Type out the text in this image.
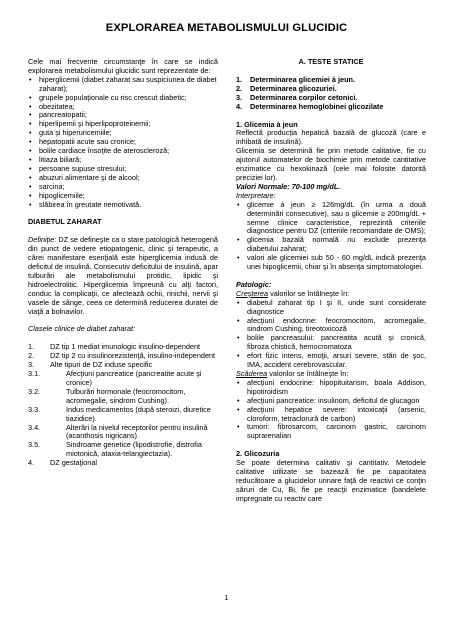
EXPLORAREA METABOLISMULUI GLUCIDIC

Cele mai frecvente circumstanţe în care se indică explorarea metabolismului glucidic sunt reprezentate de:

• hiperglicemii (diabet zaharat sau suspiciunea de diabet zaharat);
• grupele populaţionale cu risc crescut diabetic;
• obezitatea;
• pancreatopatii;
• hiperlipemii şi hiperlipoproteinemii;
• guta şi hiperuricemiile;
• hepatopatii acute sau cronice;
• bolile cardiace însoţite de ateroscleroză;
• litiaza biliară;
• persoane supuse stresului;
• abuzuri alimentare şi de alcool;
• sarcina;
• hipoglicemiile;
• slăbirea în greutate nemotivată.

DIABETUL ZAHARAT

Definiţie: DZ se defineşte ca o stare patologică heterogenă din punct de vedere etiopatogenic, clinic şi terapeutic, a cărei manifestare esenţială este hiperglicemia indusă de deficitul de insulină. Consecutiv deficitului de insulină, apar tulburări ale metabolismului protidic, lipidic şi hidroelectrolitic. Hiperglicemia împreună cu alţi factori, conduc la complicaţii, ce afectează ochii, rinichii, nervii şi vasele de sânge, ceea ce determină reducerea duratei de viaţă a bolnavilor.

Clasele clinice de diabet zaharat:

1. DZ tip 1 mediat imunologic insulino-dependent
2. DZ tip 2 cu insulinorezistenţă, insulino-independent
3. Alte tipuri de DZ induse specific
3.1.	Afecţiuni pancreatice (pancreatite acute şi cronice)
3.2.	Tulburări hormonale (feocromocitom, acromegalie, sindrom Cushing).
3.3.	Indus medicamentos (după steroizi, diuretice tiazidice).
3.4.	Alterări la nivelul receptorilor pentru insulină (acanthosis nigricans).
3.5.	Sindroame genetice (lipodistrofie, distrofia miotonică, ataxia-telangiectazia).
4. DZ gestaţional

A. TESTE STATICE

1. Determinarea glicemiei à jeun.
2. Determinarea glicozuriei.
3. Determinarea corpilor cetonici.
4. Determinarea hemoglobinei glicozilate

1. Glicemia à jeun

Reflectă producţia hepatică bazală de glucoză (care e inhibată de insulină).

Glicemia se determină fie prin metode calitative, fie cu ajutorul automatelor de biochimie prin metode cantitative enzimatice cu hexokinază (cele mai folosite datorită preciziei lor).

Valori Normale: 70-100 mg/dL.

Interpretare:

• glicemie à jeun ≥ 126mg/dL (în urma a două determinări consecutive), sau o glicemie ≥ 200mg/dL + semne clinice caracteristice, reprezintă criteriile diagnostice pentru DZ (criteriile recomandate de OMS);
• glicemia bazală normală nu exclude prezenţa diabetului zaharat;
• valori ale glicemiei sub 50 - 60 mg/dL indică prezenţa unei hipoglicemii, chiar şi în absenţa simptomatologiei.

Patologic:

Creşterea valorilor se întâlneşte în:

• diabetul zaharat tip I şi II, unde sunt considerate diagnostice
• afecţiuni endocrine: feocromocitom, acromegalie, sindrom Cushing, tireotoxicoză
• bolile pancreasului: pancreatita acută şi cronică, fibroza chistică, hemocromatoza
• efort fizic intens, emoţii, arsuri severe, stări de şoc, IMA, accident cerebrovascular.

Scăderea valorilor se întâlneşte în:

• afecţiuni endocrine: hipopituitarism, boala Addison, hipotiroidism
• afecţiuni pancreatice: insulinom, deficitul de glucagon
• afecţiuni hepatice severe: intoxicaţii (arsenic, cloroform, tetraclorură de carbon)
• tumori: fibrosarcom, carcinom gastric, carcinom suprarenalian

2. Glicozuria

Se poate determina calitativ şi cantitativ. Metodele calitative utilizate se bazează fie pe capacitatea reducătoare a glucidelor urinare faţă de reactivi ce conţin săruri de Cu, Bi, fie pe reacţii enzimatice (bandelete impregnate cu reactiv care

1
